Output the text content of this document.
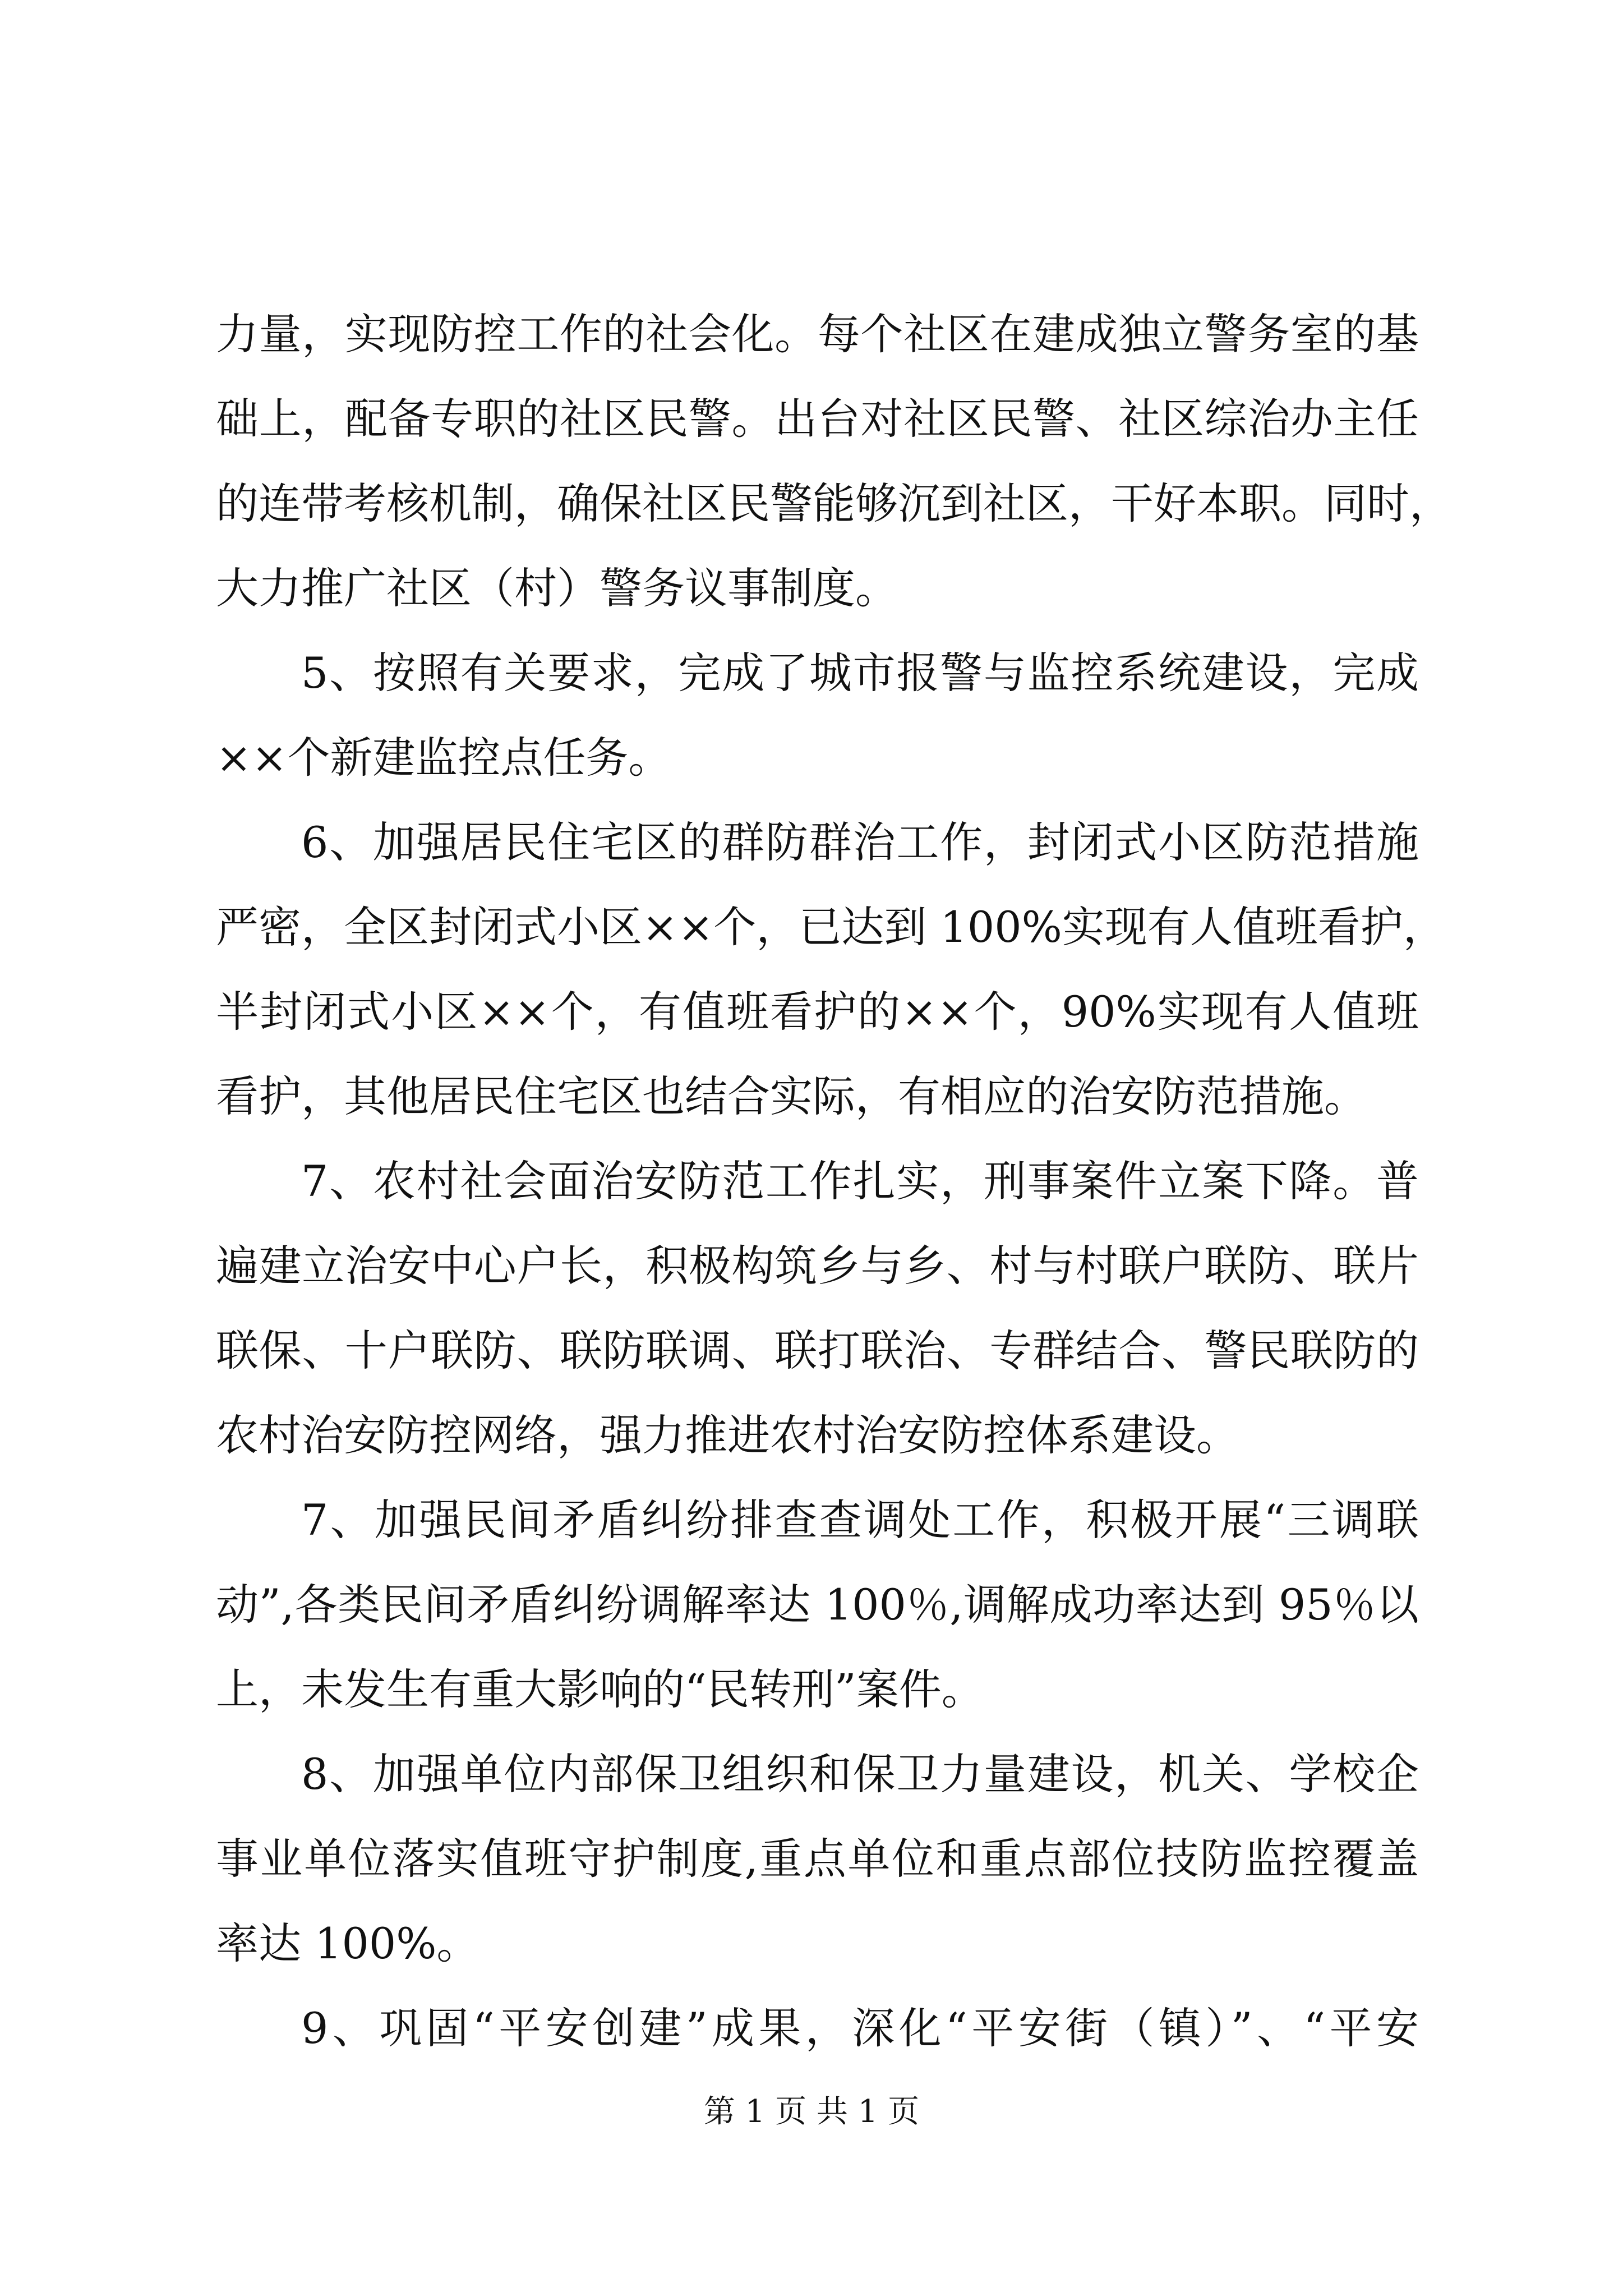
力量，实现防控工作的社会化。每个社区在建成独立警务室的基
础上，配备专职的社区民警。出台对社区民警、社区综治办主任
的连带考核机制，确保社区民警能够沉到社区，干好本职。同时，
大力推广社区（村）警务议事制度。
5、按照有关要求，完成了城市报警与监控系统建设，完成
××个新建监控点任务。
6、加强居民住宅区的群防群治工作，封闭式小区防范措施
严密，全区封闭式小区××个，已达到 100%实现有人值班看护，
半封闭式小区××个，有值班看护的××个，90%实现有人值班
看护，其他居民住宅区也结合实际，有相应的治安防范措施。
7、农村社会面治安防范工作扎实，刑事案件立案下降。普
遍建立治安中心户长，积极构筑乡与乡、村与村联户联防、联片
联保、十户联防、联防联调、联打联治、专群结合、警民联防的
农村治安防控网络，强力推进农村治安防控体系建设。
7、加强民间矛盾纠纷排查查调处工作，积极开展“三调联
动”,各类民间矛盾纠纷调解率达 100％,调解成功率达到 95％以
上，未发生有重大影响的“民转刑”案件。
8、加强单位内部保卫组织和保卫力量建设，机关、学校企
事业单位落实值班守护制度,重点单位和重点部位技防监控覆盖
率达 100%。
9、巩固“平安创建”成果，深化“平安街（镇）”、“平安
第 1 页 共 1 页
